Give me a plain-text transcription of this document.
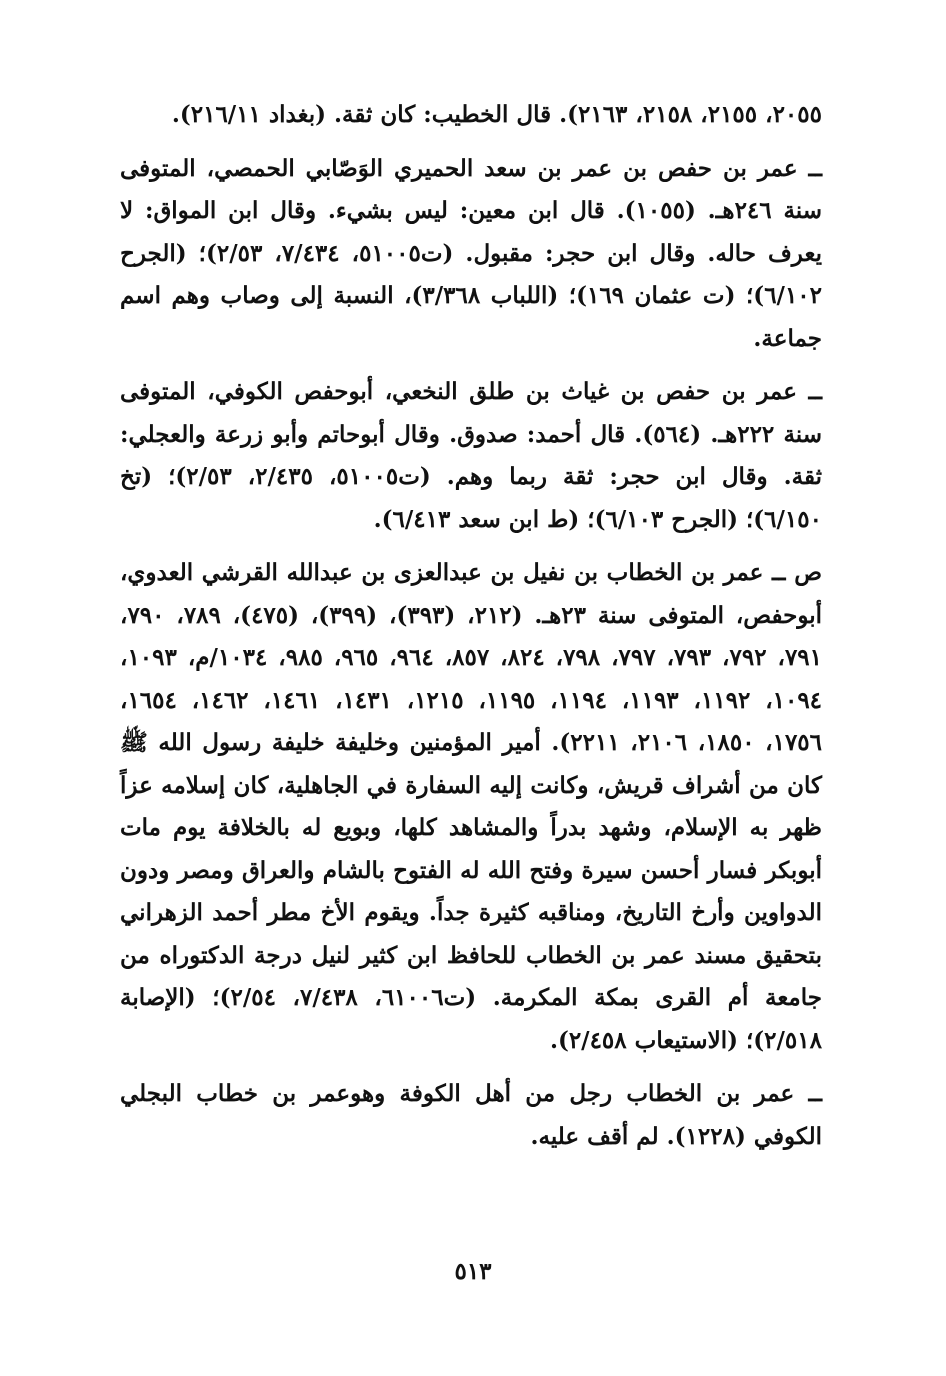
٢٠٥٥، ٢١٥٥، ٢١٥٨، ٢١٦٣). قال الخطيب: كان ثقة. (بغداد ٢١٦/١١).

ــ عمر بن حفص بن عمر بن سعد الحميري الوَصّابي الحمصي، المتوفى سنة ٢٤٦هـ. (١٠٥٥). قال ابن معين: ليس بشيء. وقال ابن المواق: لا يعرف حاله. وقال ابن حجر: مقبول. (ت٥١٠٠٥، ٧/٤٣٤، ٢/٥٣)؛ (الجرح ٦/١٠٢)؛ (ت عثمان ١٦٩)؛ (اللباب ٣/٣٦٨)، النسبة إلى وصاب وهم اسم جماعة.

ــ عمر بن حفص بن غياث بن طلق النخعي، أبوحفص الكوفي، المتوفى سنة ٢٢٢هـ. (٥٦٤). قال أحمد: صدوق. وقال أبوحاتم وأبو زرعة والعجلي: ثقة. وقال ابن حجر: ثقة ربما وهم. (ت٥١٠٠٥، ٢/٤٣٥، ٢/٥٣)؛ (تخ ٦/١٥٠)؛ (الجرح ٦/١٠٣)؛ (ط ابن سعد ٦/٤١٣).

ص ــ عمر بن الخطاب بن نفيل بن عبدالعزى بن عبدالله القرشي العدوي، أبوحفص، المتوفى سنة ٢٣هـ. (٢١٢، (٣٩٣)، (٣٩٩)، (٤٧٥)، ٧٨٩، ٧٩٠، ٧٩١، ٧٩٢، ٧٩٣، ٧٩٧، ٧٩٨، ٨٢٤، ٨٥٧، ٩٦٤، ٩٦٥، ٩٨٥، ١٠٣٤/م، ١٠٩٣، ١٠٩٤، ١١٩٢، ١١٩٣، ١١٩٤، ١١٩٥، ١٢١٥، ١٤٣١، ١٤٦١، ١٤٦٢، ١٦٥٤، ١٧٥٦، ١٨٥٠، ٢١٠٦، ٢٢١١). أمير المؤمنين وخليفة خليفة رسول الله ﷺ كان من أشراف قريش، وكانت إليه السفارة في الجاهلية، كان إسلامه عزاً ظهر به الإسلام، وشهد بدراً والمشاهد كلها، وبويع له بالخلافة يوم مات أبوبكر فسار أحسن سيرة وفتح الله له الفتوح بالشام والعراق ومصر ودون الدواوين وأرخ التاريخ، ومناقبه كثيرة جداً. ويقوم الأخ مطر أحمد الزهراني بتحقيق مسند عمر بن الخطاب للحافظ ابن كثير لنيل درجة الدكتوراه من جامعة أم القرى بمكة المكرمة. (ت٦١٠٠٦، ٧/٤٣٨، ٢/٥٤)؛ (الإصابة ٢/٥١٨)؛ (الاستيعاب ٢/٤٥٨).

ــ عمر بن الخطاب رجل من أهل الكوفة وهوعمر بن خطاب البجلي الكوفي (١٢٢٨). لم أقف عليه.

٥١٣
